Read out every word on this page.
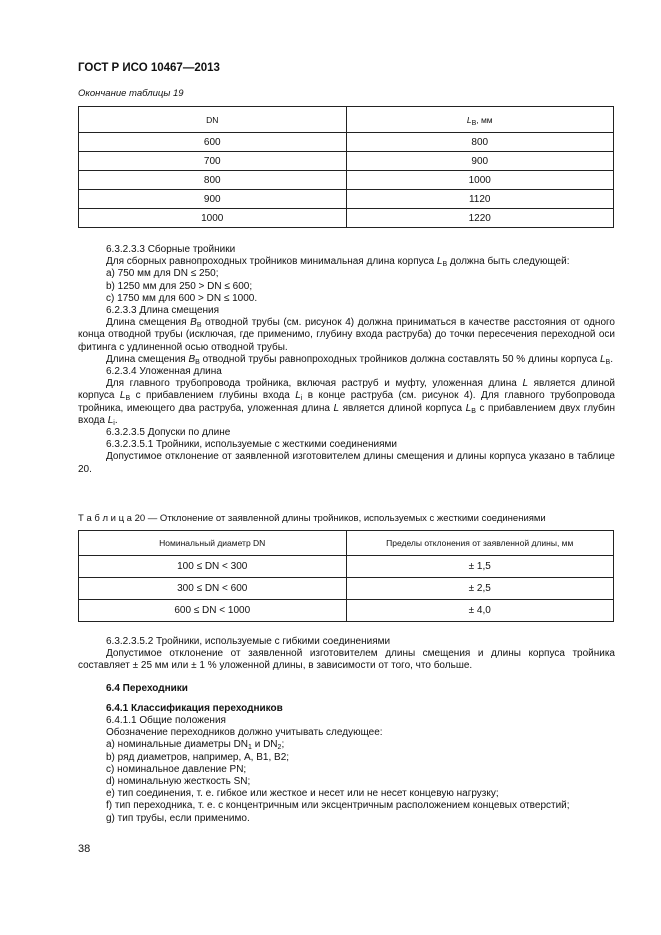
ГОСТ Р ИСО 10467—2013
Окончание таблицы 19
DN	$L_B$, мм
600	800
700	900
800	1000
900	1120
1000	1220

6.3.2.3.3 Сборные тройники

Для сборных равнопроходных тройников минимальная длина корпуса $L_B$ должна быть следующей:

а) 750 мм для DN ≤ 250;

b) 1250 мм для 250 > DN ≤ 600;

c) 1750 мм для 600 > DN ≤ 1000.

6.2.3.3 Длина смещения

Длина смещения $B_B$ отводной трубы (см. рисунок 4) должна приниматься в качестве расстояния от одного конца отводной трубы (исключая, где применимо, глубину входа раструба) до точки пересечения переходной оси фитинга с удлиненной осью отводной трубы.

Длина смещения $B_B$ отводной трубы равнопроходных тройников должна составлять 50 % длины корпуса $L_B$.

6.2.3.4 Уложенная длина

Для главного трубопровода тройника, включая раструб и муфту, уложенная длина L является длиной корпуса $L_B$ с прибавлением глубины входа $L_i$ в конце раструба (см. рисунок 4). Для главного трубопровода тройника, имеющего два раструба, уложенная длина L является длиной корпуса $L_B$ с прибавлением двух глубин входа $L_i$.

6.3.2.3.5 Допуски по длине

6.3.2.3.5.1 Тройники, используемые с жесткими соединениями

Допустимое отклонение от заявленной изготовителем длины смещения и длины корпуса указано в таблице 20.

Т а б л и ц а 20 — Отклонение от заявленной длины тройников, используемых с жесткими соединениями
Номинальный диаметр DN	Пределы отклонения от заявленной длины, мм
100 ≤ DN < 300	± 1,5
300 ≤ DN < 600	± 2,5
600 ≤ DN < 1000	± 4,0

6.3.2.3.5.2 Тройники, используемые с гибкими соединениями

Допустимое отклонение от заявленной изготовителем длины смещения и длины корпуса тройника составляет ± 25 мм или ± 1 % уложенной длины, в зависимости от того, что больше.

6.4 Переходники

6.4.1 Классификация переходников

6.4.1.1 Общие положения

Обозначение переходников должно учитывать следующее:

а) номинальные диаметры $DN_1$ и $DN_2$;

b) ряд диаметров, например, А, В1, В2;

c) номинальное давление PN;

d) номинальную жесткость SN;

e) тип соединения, т. е. гибкое или жесткое и несет или не несет концевую нагрузку;

f) тип переходника, т. е. с концентричным или эксцентричным расположением концевых отверстий;

g) тип трубы, если применимо.

38
